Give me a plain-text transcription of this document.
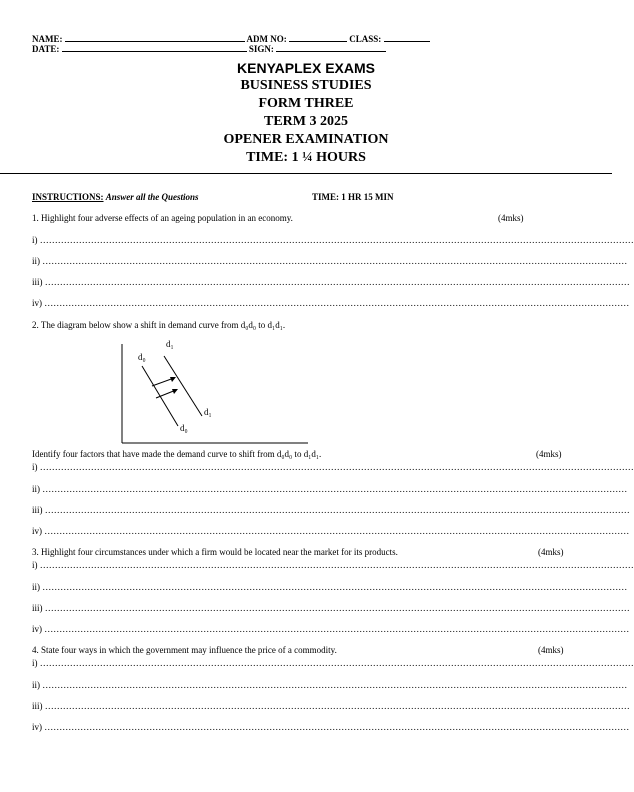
NAME:	ADM NO:	CLASS:
DATE:	SIGN:
KENYAPLEX EXAMS
BUSINESS STUDIES
FORM THREE
TERM 3 2025
OPENER EXAMINATION
TIME: 1 ¼ HOURS
INSTRUCTIONS: Answer all the Questions	TIME: 1 HR 15 MIN
1. Highlight four adverse effects of an ageing population in an economy.	(4mks)
i) ………………………………………………………………………………………………………………………………………………………………………………
ii) ……………………………………………………………………………………………………………………………………………………………………………
iii) ……………………………………………………………………………………………………………………………………………………………………………
iv) ……………………………………………………………………………………………………………………………………………………………………………
2. The diagram below show a shift in demand curve from d₀d₀ to d₁d₁.
d₀
d₁
d₁
d₀
Identify four factors that have made the demand curve to shift from d₀d₀ to d₁d₁.	(4mks)
i) ………………………………………………………………………………………………………………………………………………………………………………
ii) ……………………………………………………………………………………………………………………………………………………………………………
iii) ……………………………………………………………………………………………………………………………………………………………………………
iv) ……………………………………………………………………………………………………………………………………………………………………………
3. Highlight four circumstances under which a firm would be located near the market for its products.	(4mks)
i) ………………………………………………………………………………………………………………………………………………………………………………
ii) ……………………………………………………………………………………………………………………………………………………………………………
iii) ……………………………………………………………………………………………………………………………………………………………………………
iv) ……………………………………………………………………………………………………………………………………………………………………………
4. State four ways in which the government may influence the price of a commodity.	(4mks)
i) ………………………………………………………………………………………………………………………………………………………………………………
ii) ……………………………………………………………………………………………………………………………………………………………………………
iii) ……………………………………………………………………………………………………………………………………………………………………………
iv) ……………………………………………………………………………………………………………………………………………………………………………
